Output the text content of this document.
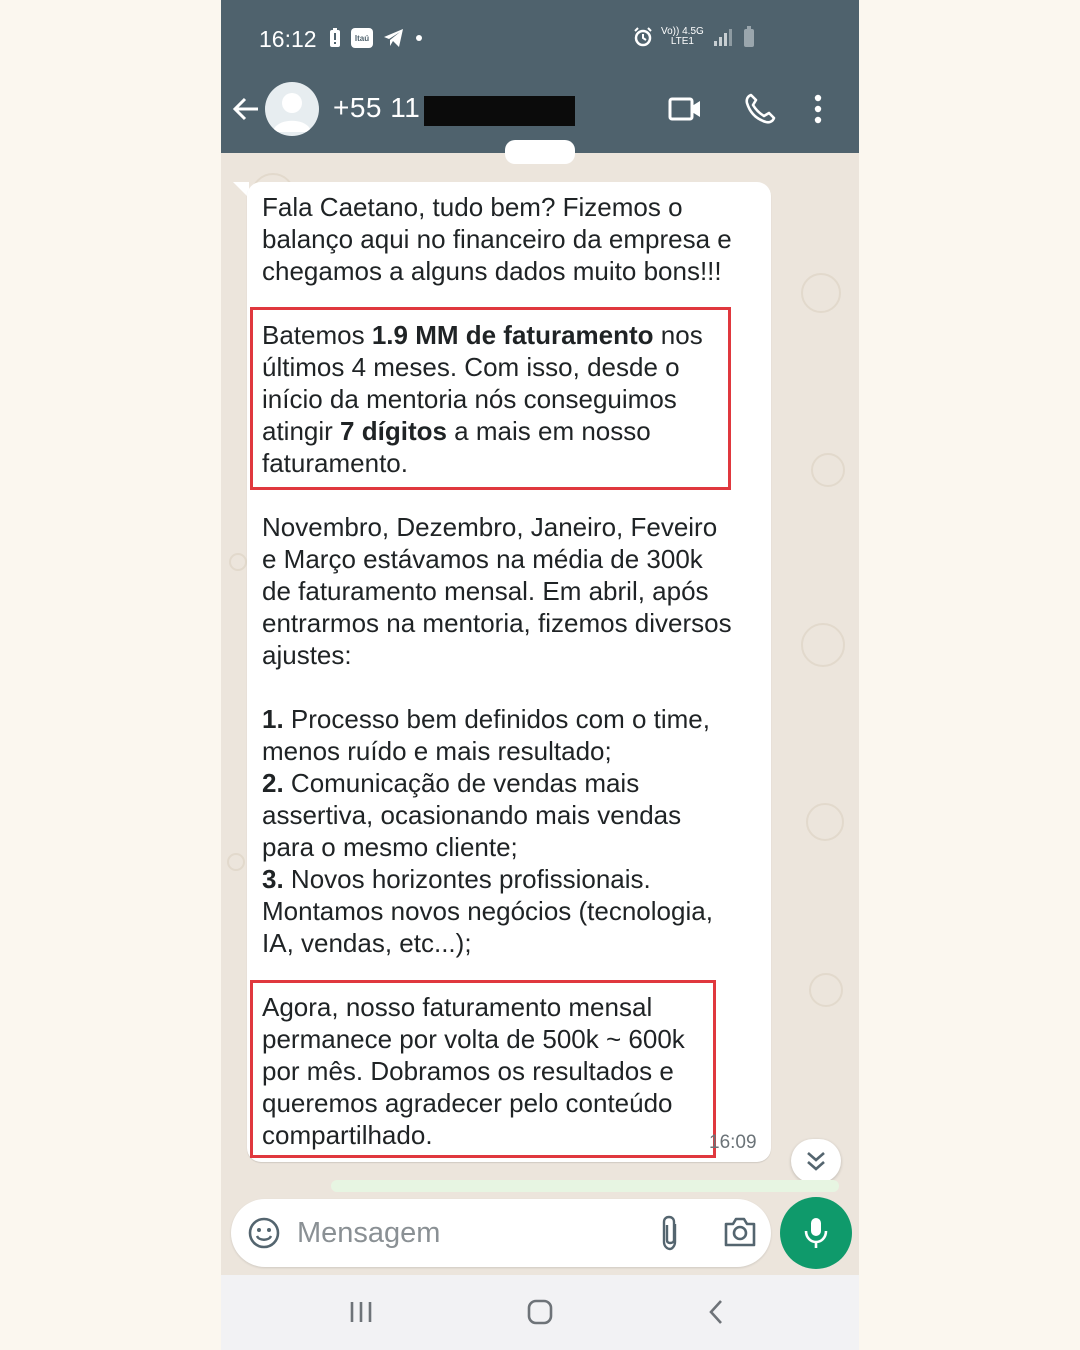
16:12	Itaú
Vo)) 4.5G
LTE1
+55 11

Fala Caetano, tudo bem? Fizemos o
balanço aqui no financeiro da empresa e
chegamos a alguns dados muito bons!!!

Batemos 1.9 MM de faturamento nos
últimos 4 meses. Com isso, desde o
início da mentoria nós conseguimos
atingir 7 dígitos a mais em nosso
faturamento.

Novembro, Dezembro, Janeiro, Feveiro
e Março estávamos na média de 300k
de faturamento mensal. Em abril, após
entrarmos na mentoria, fizemos diversos
ajustes:

1. Processo bem definidos com o time,
menos ruído e mais resultado;
2. Comunicação de vendas mais
assertiva, ocasionando mais vendas
para o mesmo cliente;
3. Novos horizontes profissionais.
Montamos novos negócios (tecnologia,
IA, vendas, etc...);

Agora, nosso faturamento mensal
permanece por volta de 500k ~ 600k
por mês. Dobramos os resultados e
queremos agradecer pelo conteúdo
compartilhado.	16:09
Mensagem
